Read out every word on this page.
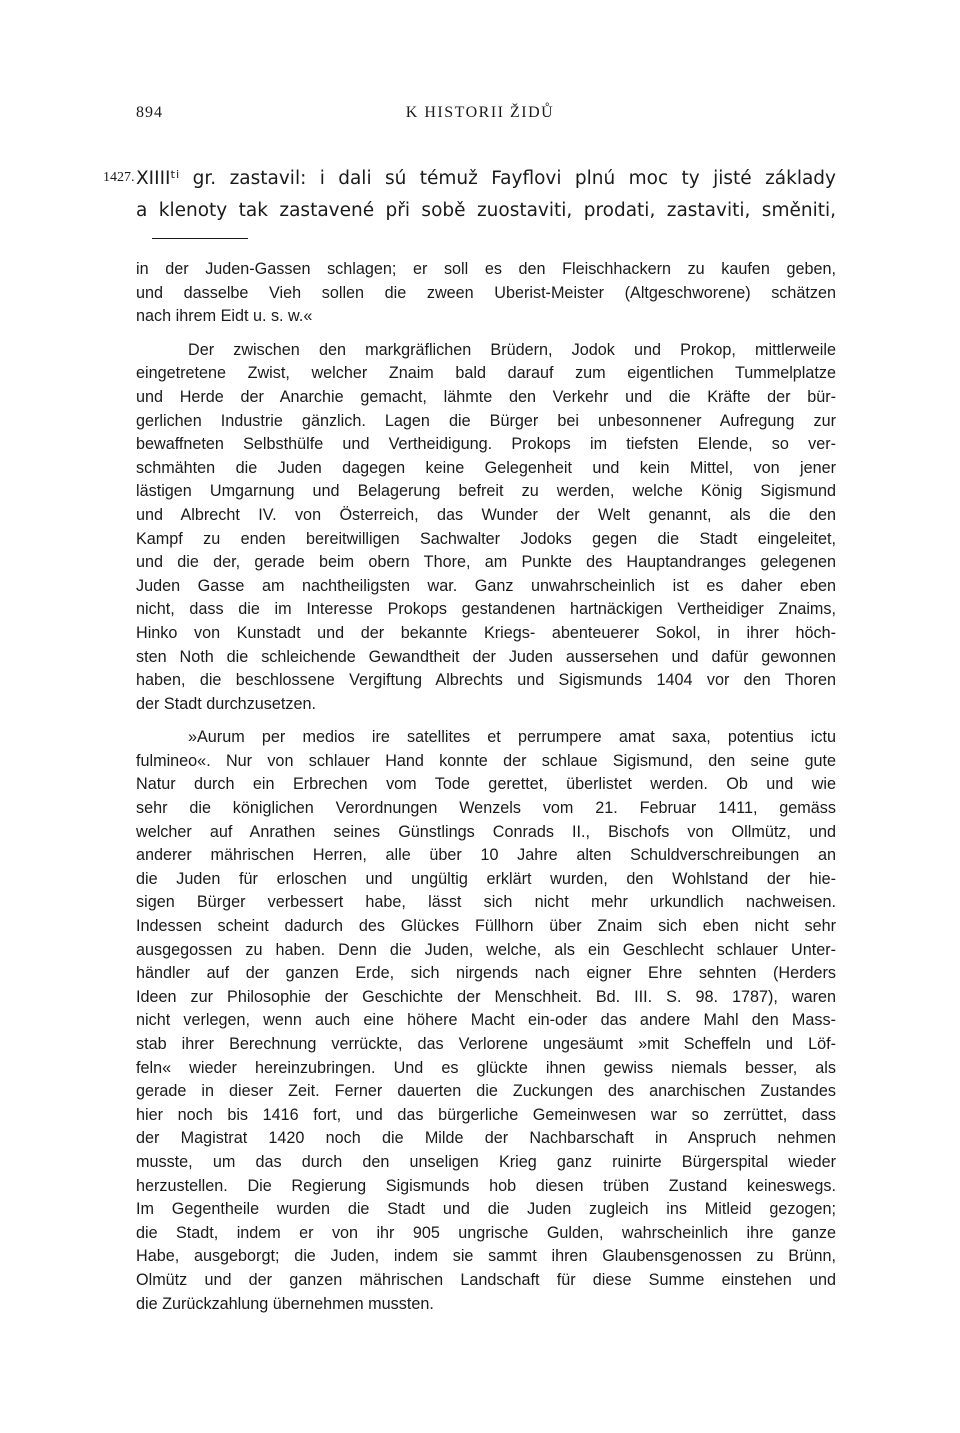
894	K HISTORII ŽIDŮ
1427. XIIIIᵗⁱ gr. zastavil: i dali sú témuž Fayflovi plnú moc ty jisté základy
a klenoty tak zastavené při sobě zuostaviti, prodati, zastaviti, směniti,
in der Juden-Gassen schlagen; er soll es den Fleischhackern zu kaufen geben,
und dasselbe Vieh sollen die zween Uberist-Meister (Altgeschworene) schätzen
nach ihrem Eidt u. s. w.«
Der zwischen den markgräflichen Brüdern, Jodok und Prokop, mittlerweile
eingetretene Zwist, welcher Znaim bald darauf zum eigentlichen Tummelplatze
und Herde der Anarchie gemacht, lähmte den Verkehr und die Kräfte der bür-
gerlichen Industrie gänzlich. Lagen die Bürger bei unbesonnener Aufregung zur
bewaffneten Selbsthülfe und Vertheidigung. Prokops im tiefsten Elende, so ver-
schmähten die Juden dagegen keine Gelegenheit und kein Mittel, von jener
lästigen Umgarnung und Belagerung befreit zu werden, welche König Sigismund
und Albrecht IV. von Österreich, das Wunder der Welt genannt, als die den
Kampf zu enden bereitwilligen Sachwalter Jodoks gegen die Stadt eingeleitet,
und die der, gerade beim obern Thore, am Punkte des Hauptandranges gelegenen
Juden Gasse am nachtheiligsten war. Ganz unwahrscheinlich ist es daher eben
nicht, dass die im Interesse Prokops gestandenen hartnäckigen Vertheidiger Znaims,
Hinko von Kunstadt und der bekannte Kriegs- abenteuerer Sokol, in ihrer höch-
sten Noth die schleichende Gewandtheit der Juden aussersehen und dafür gewonnen
haben, die beschlossene Vergiftung Albrechts und Sigismunds 1404 vor den Thoren
der Stadt durchzusetzen.
»Aurum per medios ire satellites et perrumpere amat saxa, potentius ictu
fulmineo«. Nur von schlauer Hand konnte der schlaue Sigismund, den seine gute
Natur durch ein Erbrechen vom Tode gerettet, überlistet werden. Ob und wie
sehr die königlichen Verordnungen Wenzels vom 21. Februar 1411, gemäss
welcher auf Anrathen seines Günstlings Conrads II., Bischofs von Ollmütz, und
anderer mährischen Herren, alle über 10 Jahre alten Schuldverschreibungen an
die Juden für erloschen und ungültig erklärt wurden, den Wohlstand der hie-
sigen Bürger verbessert habe, lässt sich nicht mehr urkundlich nachweisen.
Indessen scheint dadurch des Glückes Füllhorn über Znaim sich eben nicht sehr
ausgegossen zu haben. Denn die Juden, welche, als ein Geschlecht schlauer Unter-
händler auf der ganzen Erde, sich nirgends nach eigner Ehre sehnten (Herders
Ideen zur Philosophie der Geschichte der Menschheit. Bd. III. S. 98. 1787), waren
nicht verlegen, wenn auch eine höhere Macht ein-oder das andere Mahl den Mass-
stab ihrer Berechnung verrückte, das Verlorene ungesäumt »mit Scheffeln und Löf-
feln« wieder hereinzubringen. Und es glückte ihnen gewiss niemals besser, als
gerade in dieser Zeit. Ferner dauerten die Zuckungen des anarchischen Zustandes
hier noch bis 1416 fort, und das bürgerliche Gemeinwesen war so zerrüttet, dass
der Magistrat 1420 noch die Milde der Nachbarschaft in Anspruch nehmen
musste, um das durch den unseligen Krieg ganz ruinirte Bürgerspital wieder
herzustellen. Die Regierung Sigismunds hob diesen trüben Zustand keineswegs.
Im Gegentheile wurden die Stadt und die Juden zugleich ins Mitleid gezogen;
die Stadt, indem er von ihr 905 ungrische Gulden, wahrscheinlich ihre ganze
Habe, ausgeborgt; die Juden, indem sie sammt ihren Glaubensgenossen zu Brünn,
Olmütz und der ganzen mährischen Landschaft für diese Summe einstehen und
die Zurückzahlung übernehmen mussten.
